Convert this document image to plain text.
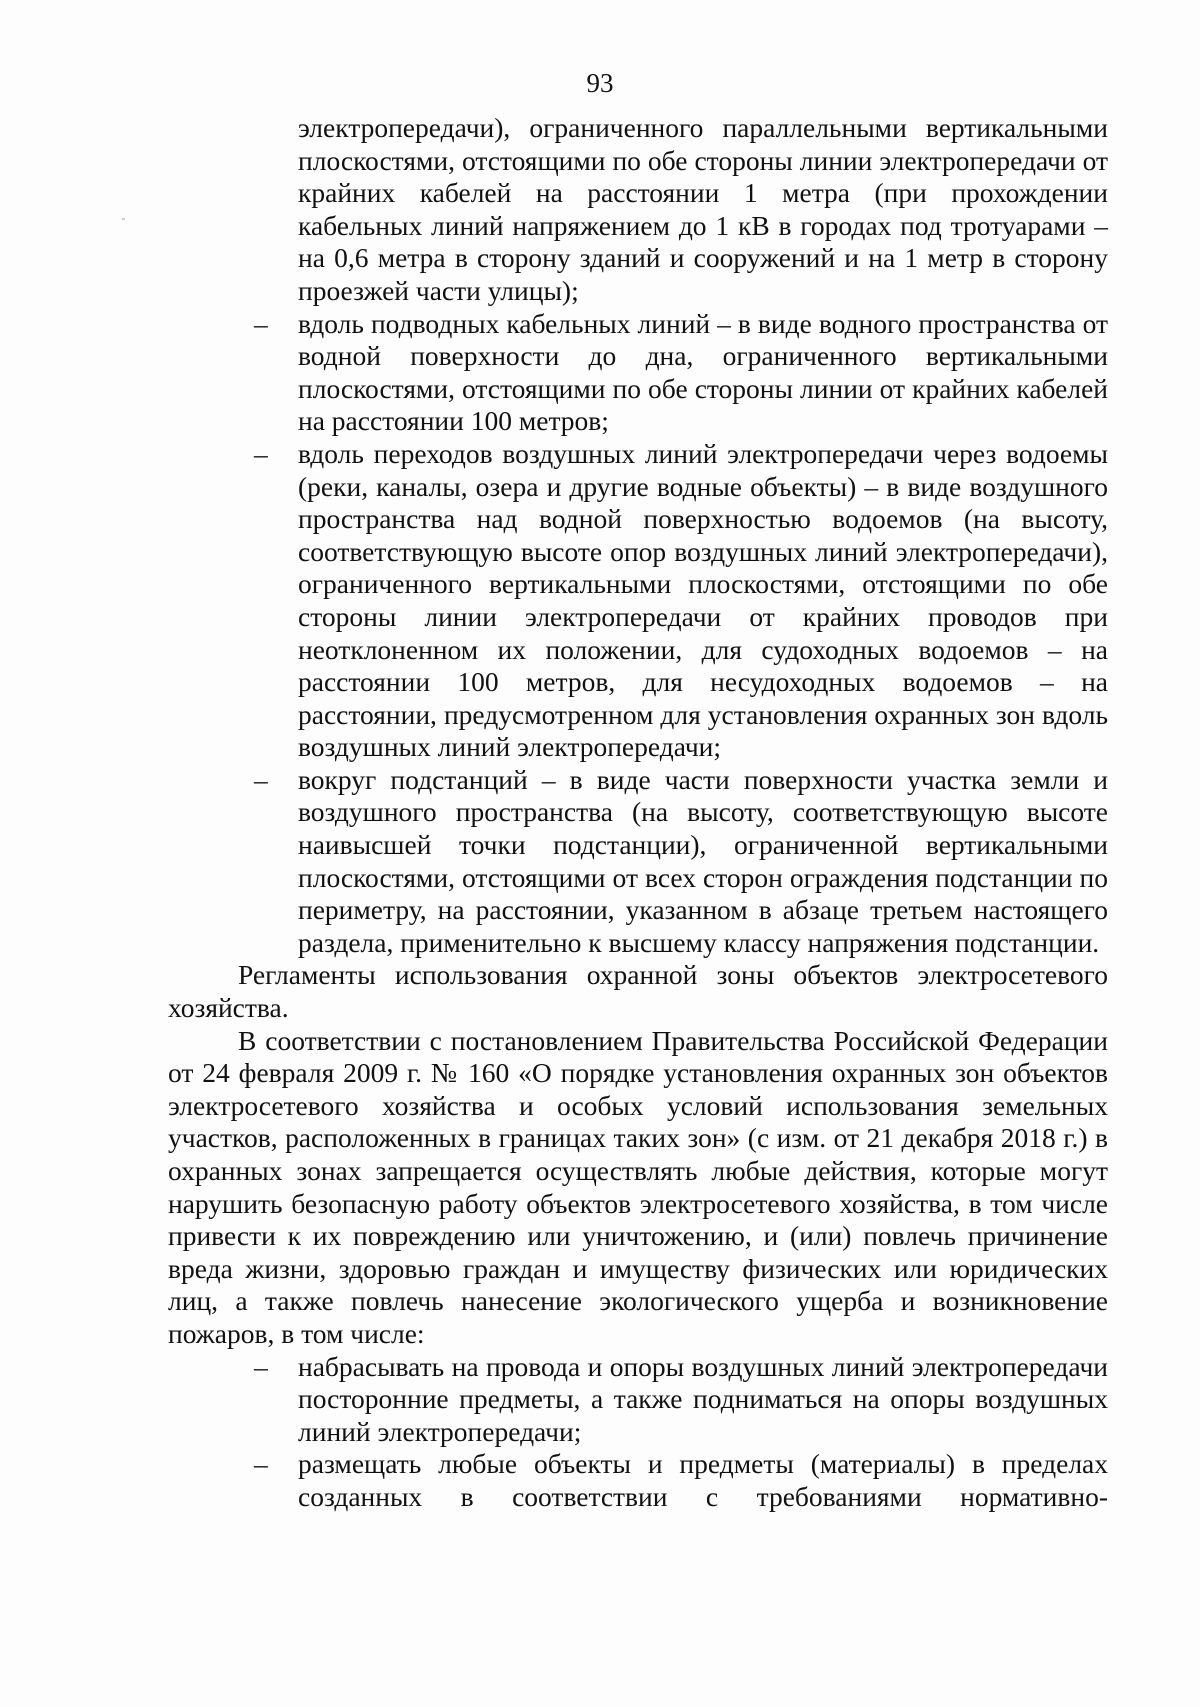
93

электропередачи), ограниченного параллельными вертикальными плоскостями, отстоящими по обе стороны линии электропередачи от крайних кабелей на расстоянии 1 метра (при прохождении кабельных линий напряжением до 1 кВ в городах под тротуарами – на 0,6 метра в сторону зданий и сооружений и на 1 метр в сторону проезжей части улицы);

– вдоль подводных кабельных линий – в виде водного пространства от водной поверхности до дна, ограниченного вертикальными плоскостями, отстоящими по обе стороны линии от крайних кабелей на расстоянии 100 метров;
– вдоль переходов воздушных линий электропередачи через водоемы (реки, каналы, озера и другие водные объекты) – в виде воздушного пространства над водной поверхностью водоемов (на высоту, соответствующую высоте опор воздушных линий электропередачи), ограниченного вертикальными плоскостями, отстоящими по обе стороны линии электропередачи от крайних проводов при неотклоненном их положении, для судоходных водоемов – на расстоянии 100 метров, для несудоходных водоемов – на расстоянии, предусмотренном для установления охранных зон вдоль воздушных линий электропередачи;
– вокруг подстанций – в виде части поверхности участка земли и воздушного пространства (на высоту, соответствующую высоте наивысшей точки подстанции), ограниченной вертикальными плоскостями, отстоящими от всех сторон ограждения подстанции по периметру, на расстоянии, указанном в абзаце третьем настоящего раздела, применительно к высшему классу напряжения подстанции.

Регламенты использования охранной зоны объектов электросетевого хозяйства.

В соответствии с постановлением Правительства Российской Федерации от 24 февраля 2009 г. № 160 «О порядке установления охранных зон объектов электросетевого хозяйства и особых условий использования земельных участков, расположенных в границах таких зон» (с изм. от 21 декабря 2018 г.) в охранных зонах запрещается осуществлять любые действия, которые могут нарушить безопасную работу объектов электросетевого хозяйства, в том числе привести к их повреждению или уничтожению, и (или) повлечь причинение вреда жизни, здоровью граждан и имуществу физических или юридических лиц, а также повлечь нанесение экологического ущерба и возникновение пожаров, в том числе:

– набрасывать на провода и опоры воздушных линий электропередачи посторонние предметы, а также подниматься на опоры воздушных линий электропередачи;
– размещать любые объекты и предметы (материалы) в пределах созданных в соответствии с требованиями нормативно-
